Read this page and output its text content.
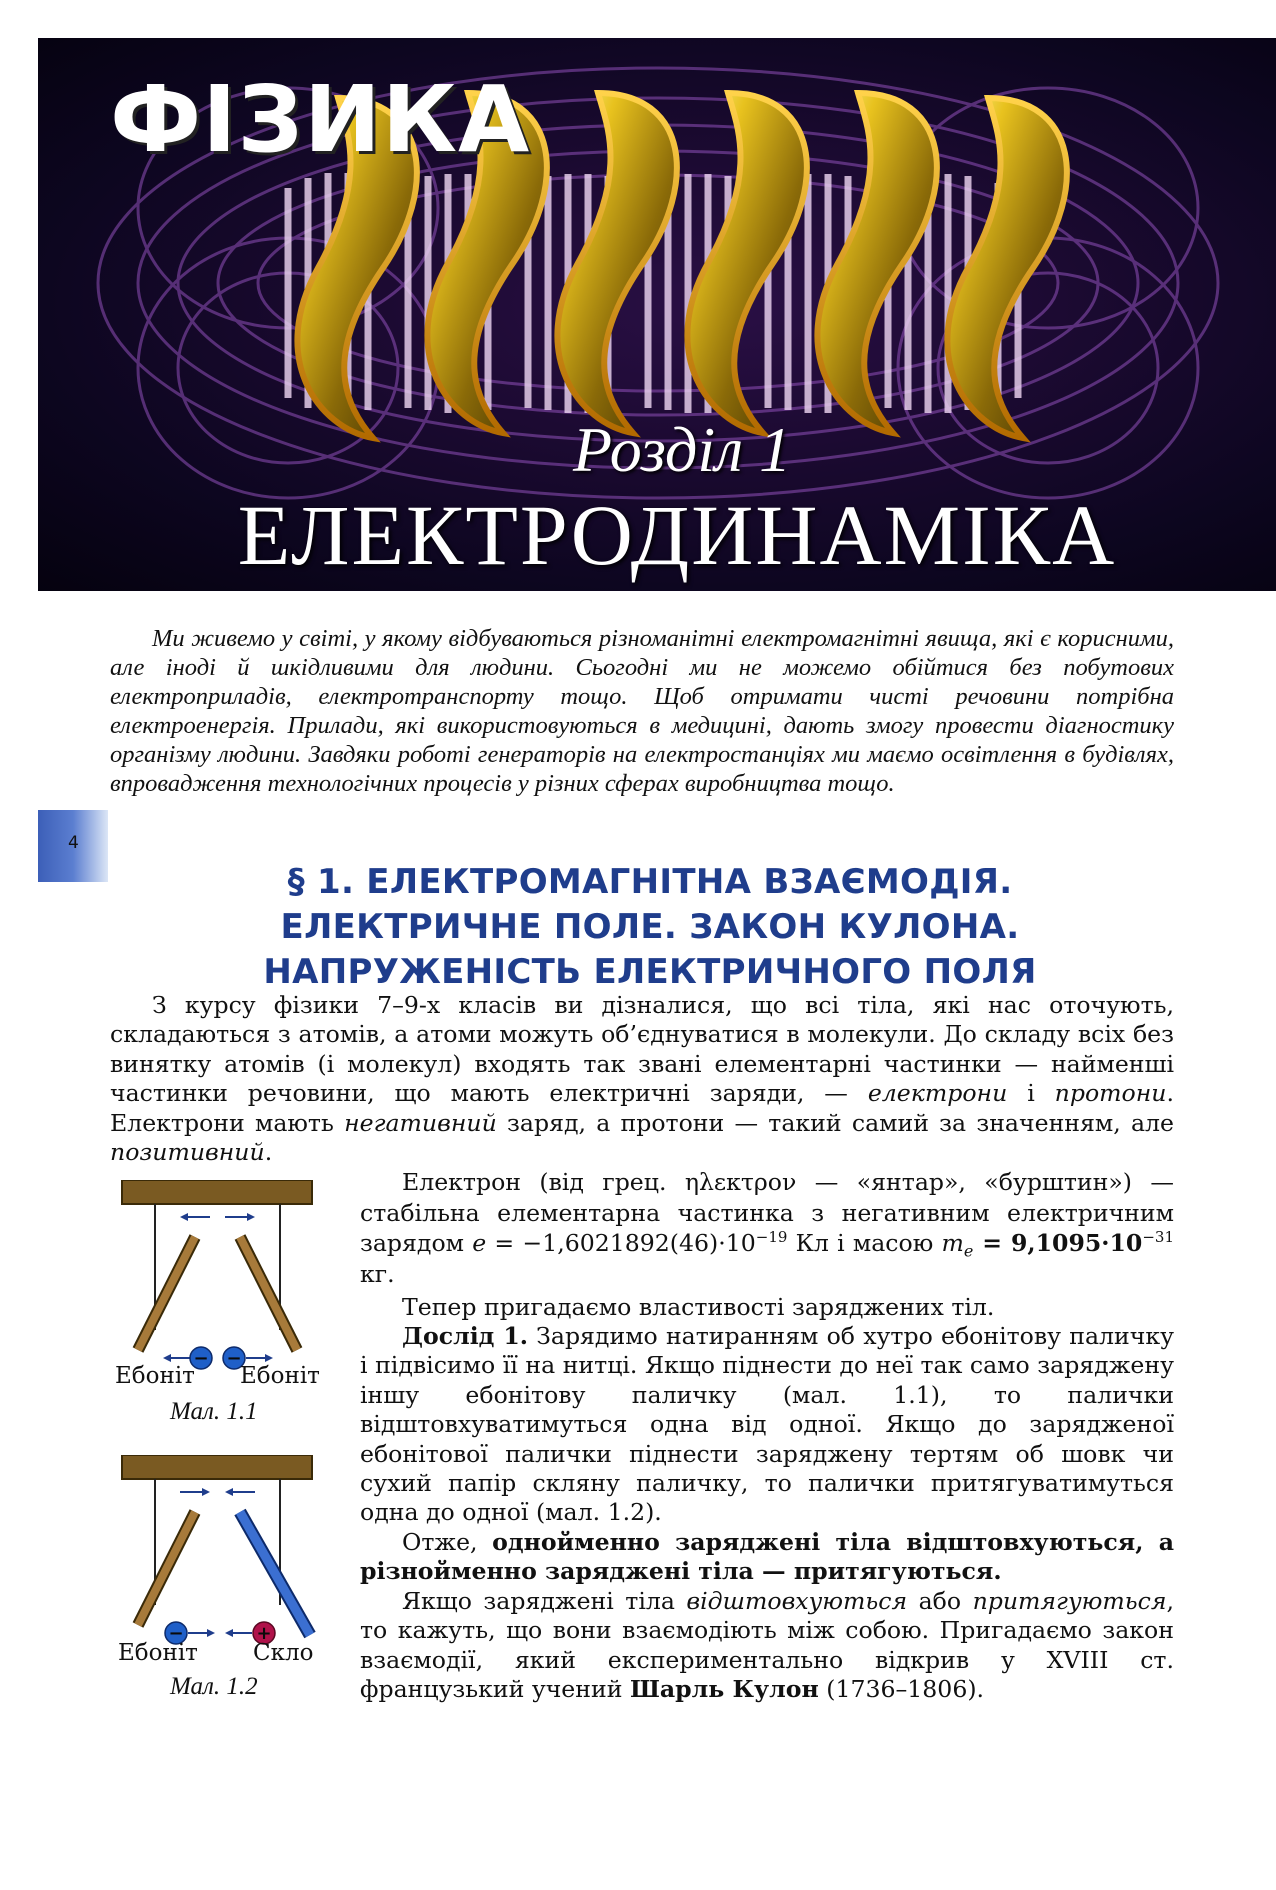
ФІЗИКА
Розділ 1
ЕЛЕКТРОДИНАМІКА
Ми живемо у світі, у якому відбуваються різноманітні електромагнітні явища, які є корисними, але іноді й шкідливими для людини. Сьогодні ми не можемо обійтися без побутових електроприладів, електротранспорту тощо. Щоб отримати чисті речовини потрібна електроенергія. Прилади, які використовуються в медицині, дають змогу провести діагностику організму людини. Завдяки роботі генераторів на електростанціях ми маємо освітлення в будівлях, впровадження технологічних процесів у різних сферах виробництва тощо.
4
§ 1. ЕЛЕКТРОМАГНІТНА ВЗАЄМОДІЯ.
ЕЛЕКТРИЧНЕ ПОЛЕ. ЗАКОН КУЛОНА.
НАПРУЖЕНІСТЬ ЕЛЕКТРИЧНОГО ПОЛЯ
З курсу фізики 7–9-х класів ви дізналися, що всі тіла, які нас оточують, складаються з атомів, а атоми можуть об’єднуватися в молекули. До складу всіх без винятку атомів (і молекул) входять так звані елементарні частинки — найменші частинки речовини, що мають електричні заряди, — електрони і протони. Електрони мають негативний заряд, а протони — такий самий за значенням, але позитивний.
Електрон (від грец. ηλεκτρον — «янтар», «бурштин») — стабільна елементарна частинка з негативним електричним зарядом $e = -1,6021892(46)\cdot 10^{-19}$ Кл і масою $m_e = 9,1095\cdot 10^{-31}$ кг.
Тепер пригадаємо властивості заряджених тіл.
Дослід 1. Зарядимо натиранням об хутро ебонітову паличку і підвісимо її на нитці. Якщо піднести до неї так само заряджену іншу ебонітову паличку (мал. 1.1), то палички відштовхуватимуться одна від одної. Якщо до зарядженої ебонітової палички піднести заряджену тертям об шовк чи сухий папір скляну паличку, то палички притягуватимуться одна до одної (мал. 1.2).
Отже, однойменно заряджені тіла відштовхуються, а різнойменно заряджені тіла — притягуються.
Якщо заряджені тіла відштовхуються або притягуються, то кажуть, що вони взаємодіють між собою. Пригадаємо закон взаємодії, який експериментально відкрив у XVIII ст. французький учений Шарль Кулон (1736–1806).
− −
Ебоніт Ебоніт
Мал. 1.1
−	+
Ебоніт Скло
Мал. 1.2
